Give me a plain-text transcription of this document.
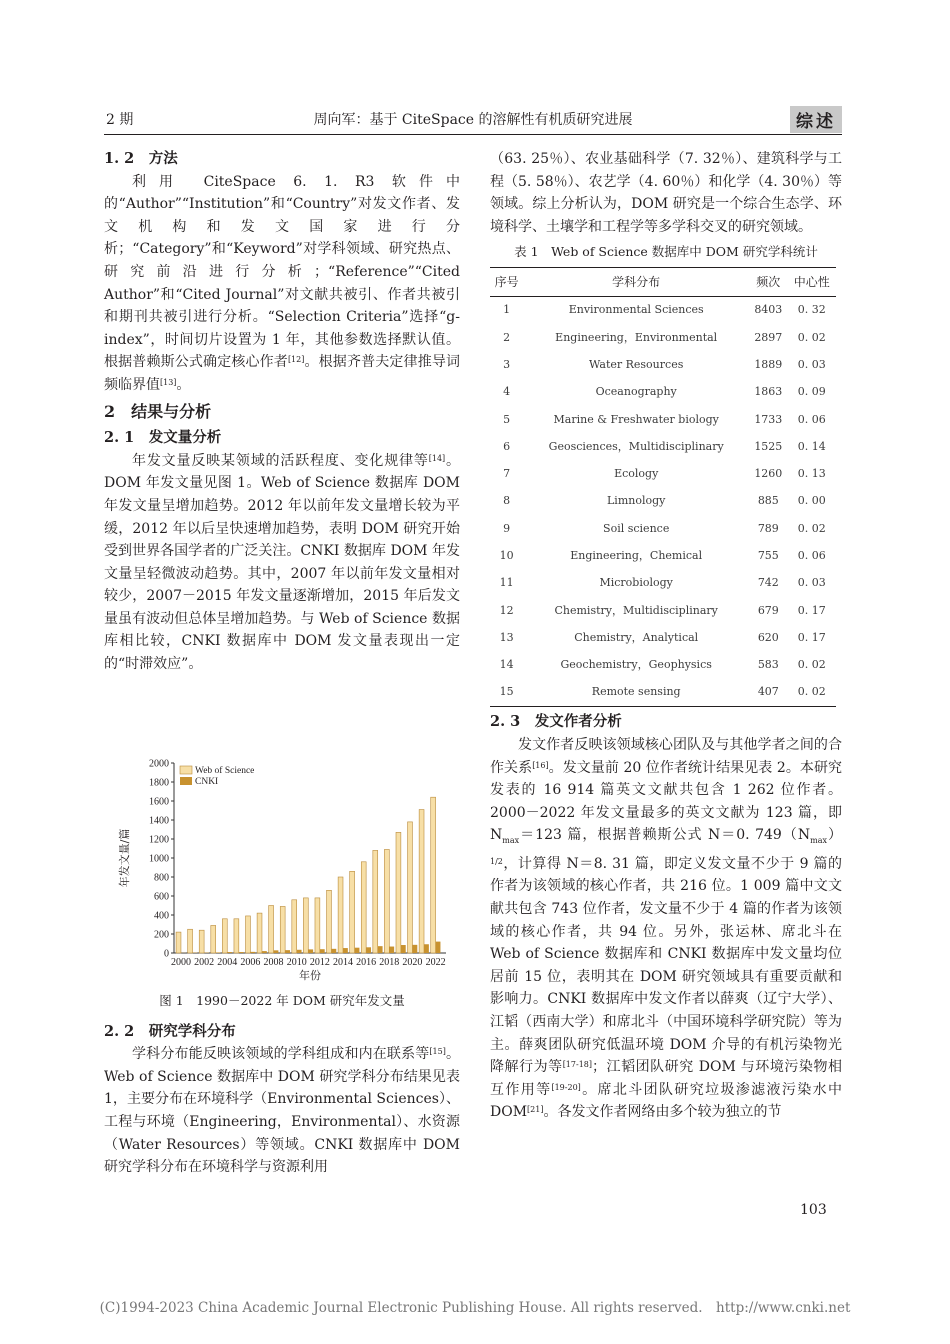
2 期	周向军：基于 CiteSpace 的溶解性有机质研究进展	综述

1. 2　方法

利用 CiteSpace 6. 1. R3 软件中的“Author”“Institution”和“Country”对发文作者、发文机构和发文国家进行分析；“Category”和“Keyword”对学科领域、研究热点、研究前沿进行分析；“Reference”“Cited Author”和“Cited Journal”对文献共被引、作者共被引和期刊共被引进行分析。“Selection Criteria”选择“g-index”，时间切片设置为 1 年，其他参数选择默认值。根据普赖斯公式确定核心作者[12]。根据齐普夫定律推导词频临界值[13]。

2　结果与分析

2. 1　发文量分析

年发文量反映某领域的活跃程度、变化规律等[14]。DOM 年发文量见图 1。Web of Science 数据库 DOM 年发文量呈增加趋势。2012 年以前年发文量增长较为平缓，2012 年以后呈快速增加趋势，表明 DOM 研究开始受到世界各国学者的广泛关注。CNKI 数据库 DOM 年发文量呈轻微波动趋势。其中，2007 年以前年发文量相对较少，2007－2015 年发文量逐渐增加，2015 年后发文量虽有波动但总体呈增加趋势。与 Web of Science 数据库相比较，CNKI 数据库中 DOM 发文量表现出一定的“时滞效应”。

0
200
400
600
800
1000
1200
1400
1600
1800
2000
2000 2002 2004 2006 2008 2010 2012 2014 2016 2018 2020 2022
年份
年发文量/篇
Web of Science
CNKI

图 1　1990－2022 年 DOM 研究年发文量

2. 2　研究学科分布

学科分布能反映该领域的学科组成和内在联系等[15]。Web of Science 数据库中 DOM 研究学科分布结果见表 1，主要分布在环境科学（Environmental Sciences）、工程与环境（Engineering，Environmental）、水资源（Water Resources）等领域。CNKI 数据库中 DOM 研究学科分布在环境科学与资源利用

（63. 25％）、农业基础科学（7. 32％）、建筑科学与工程（5. 58％）、农艺学（4. 60％）和化学（4. 30％）等领域。综上分析认为，DOM 研究是一个综合生态学、环境科学、土壤学和工程学等多学科交叉的研究领域。

表 1　Web of Science 数据库中 DOM 研究学科统计

序号	学科分布	频次	中心性
1	Environmental Sciences	8403	0. 32
2	Engineering，Environmental	2897	0. 02
3	Water Resources	1889	0. 03
4	Oceanography	1863	0. 09
5	Marine & Freshwater biology	1733	0. 06
6	Geosciences，Multidisciplinary	1525	0. 14
7	Ecology	1260	0. 13
8	Limnology	885	0. 00
9	Soil science	789	0. 02
10	Engineering，Chemical	755	0. 06
11	Microbiology	742	0. 03
12	Chemistry，Multidisciplinary	679	0. 17
13	Chemistry，Analytical	620	0. 17
14	Geochemistry，Geophysics	583	0. 02
15	Remote sensing	407	0. 02

2. 3　发文作者分析

发文作者反映该领域核心团队及与其他学者之间的合作关系[16]。发文量前 20 位作者统计结果见表 2。本研究发表的 16 914 篇英文文献共包含 1 262 位作者。2000－2022 年发文量最多的英文文献为 123 篇，即 $N_{max}=123$ 篇，根据普赖斯公式 N＝0. $749(N_{max})^{1/2}$，计算得 N＝8. 31 篇，即定义发文量不少于 9 篇的作者为该领域的核心作者，共 216 位。1 009 篇中文文献共包含 743 位作者，发文量不少于 4 篇的作者为该领域的核心作者，共 94 位。另外，张运林、席北斗在 Web of Science 数据库和 CNKI 数据库中发文量均位居前 15 位，表明其在 DOM 研究领域具有重要贡献和影响力。CNKI 数据库中发文作者以薛爽（辽宁大学）、江韬（西南大学）和席北斗（中国环境科学研究院）等为主。薛爽团队研究低温环境 DOM 介导的有机污染物光降解行为等[17-18]；江韬团队研究 DOM 与环境污染物相互作用等[19-20]。席北斗团队研究垃圾渗滤液污染水中 DOM[21]。各发文作者网络由多个较为独立的节

103
(C)1994-2023 China Academic Journal Electronic Publishing House. All rights reserved.　http://www.cnki.net
